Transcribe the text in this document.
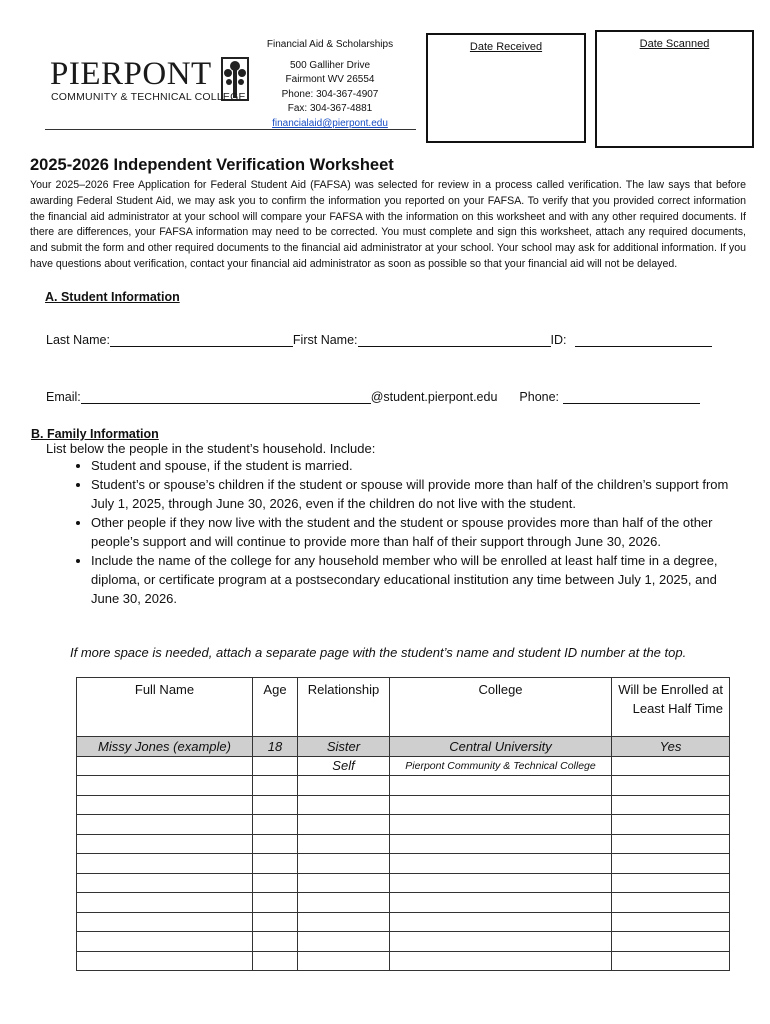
PIERPONT
COMMUNITY & TECHNICAL COLLEGE
Financial Aid & Scholarships
500 Galliher Drive
Fairmont WV 26554
Phone: 304-367-4907
Fax: 304-367-4881
financialaid@pierpont.edu
Date Received	Date Scanned
2025-2026 Independent Verification Worksheet
Your 2025–2026 Free Application for Federal Student Aid (FAFSA) was selected for review in a process called verification. The law says that before awarding Federal Student Aid, we may ask you to confirm the information you reported on your FAFSA. To verify that you provided correct information the financial aid administrator at your school will compare your FAFSA with the information on this worksheet and with any other required documents. If there are differences, your FAFSA information may need to be corrected. You must complete and sign this worksheet, attach any required documents, and submit the form and other required documents to the financial aid administrator at your school. Your school may ask for additional information. If you have questions about verification, contact your financial aid administrator as soon as possible so that your financial aid will not be delayed.
A. Student Information
Last Name:	First Name:	ID:
Email:	@student.pierpont.edu Phone:
B. Family Information
List below the people in the student’s household. Include:
• Student and spouse, if the student is married.
• Student’s or spouse’s children if the student or spouse will provide more than half of the children’s support from July 1, 2025, through June 30, 2026, even if the children do not live with the student.
• Other people if they now live with the student and the student or spouse provides more than half of the other people’s support and will continue to provide more than half of their support through June 30, 2026.
• Include the name of the college for any household member who will be enrolled at least half time in a degree, diploma, or certificate program at a postsecondary educational institution any time between July 1, 2025, and June 30, 2026.
If more space is needed, attach a separate page with the student’s name and student ID number at the top.
Full Name	Age	Relationship	College	Will be Enrolled at Least Half Time
Missy Jones (example)	18	Sister	Central University	Yes
		Self	Pierpont Community & Technical College	
